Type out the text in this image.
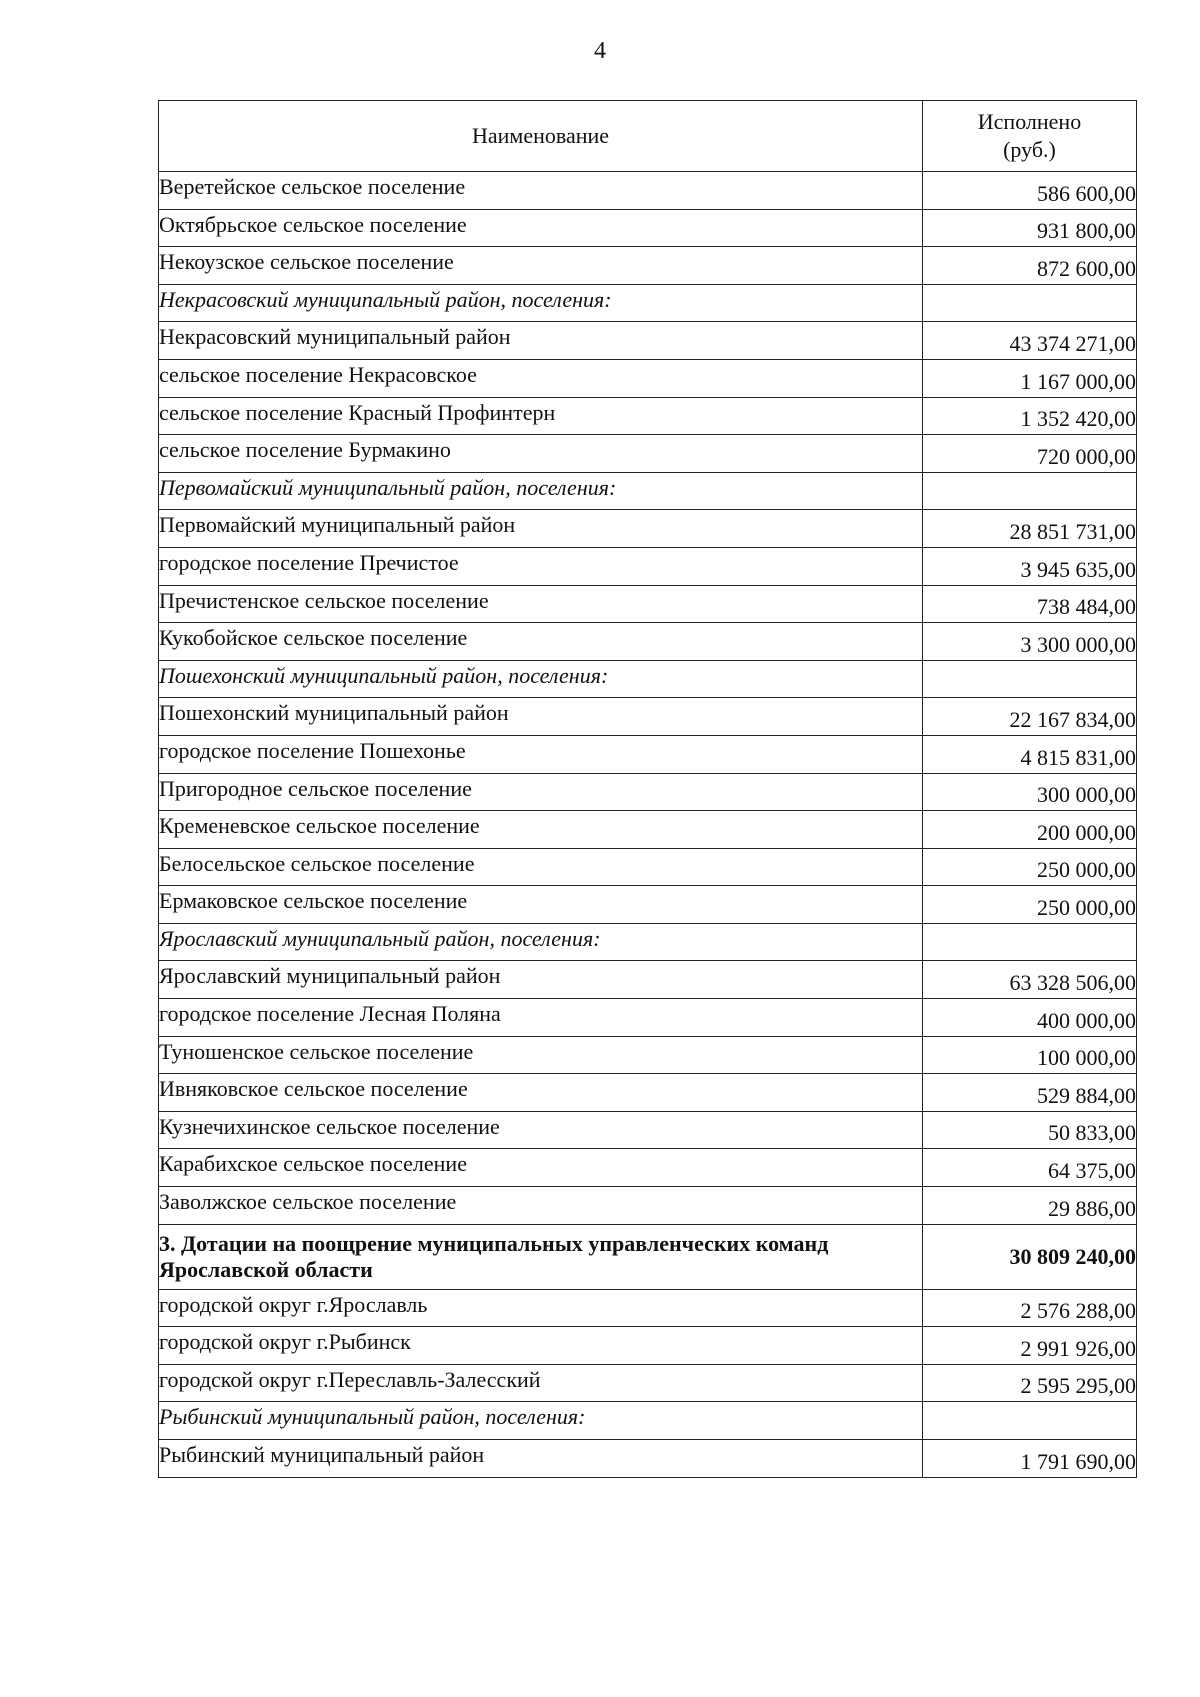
4
Наименование	Исполнено
(руб.)
Веретейское сельское поселение	586 600,00
Октябрьское сельское поселение	931 800,00
Некоузское сельское поселение	872 600,00
Некрасовский муниципальный район, поселения:	
Некрасовский муниципальный район	43 374 271,00
сельское поселение Некрасовское	1 167 000,00
сельское поселение Красный Профинтерн	1 352 420,00
сельское поселение Бурмакино	720 000,00
Первомайский муниципальный район, поселения:	
Первомайский муниципальный район	28 851 731,00
городское поселение Пречистое	3 945 635,00
Пречистенское сельское поселение	738 484,00
Кукобойское сельское поселение	3 300 000,00
Пошехонский муниципальный район, поселения:	
Пошехонский муниципальный район	22 167 834,00
городское поселение Пошехонье	4 815 831,00
Пригородное сельское поселение	300 000,00
Кременевское сельское поселение	200 000,00
Белосельское сельское поселение	250 000,00
Ермаковское сельское поселение	250 000,00
Ярославский муниципальный район, поселения:	
Ярославский муниципальный район	63 328 506,00
городское поселение Лесная Поляна	400 000,00
Туношенское сельское поселение	100 000,00
Ивняковское сельское поселение	529 884,00
Кузнечихинское сельское поселение	50 833,00
Карабихское сельское поселение	64 375,00
Заволжское сельское поселение	29 886,00
3. Дотации на поощрение муниципальных управленческих команд Ярославской области	30 809 240,00
городской округ г.Ярославль	2 576 288,00
городской округ г.Рыбинск	2 991 926,00
городской округ г.Переславль-Залесский	2 595 295,00
Рыбинский муниципальный район, поселения:	
Рыбинский муниципальный район	1 791 690,00
